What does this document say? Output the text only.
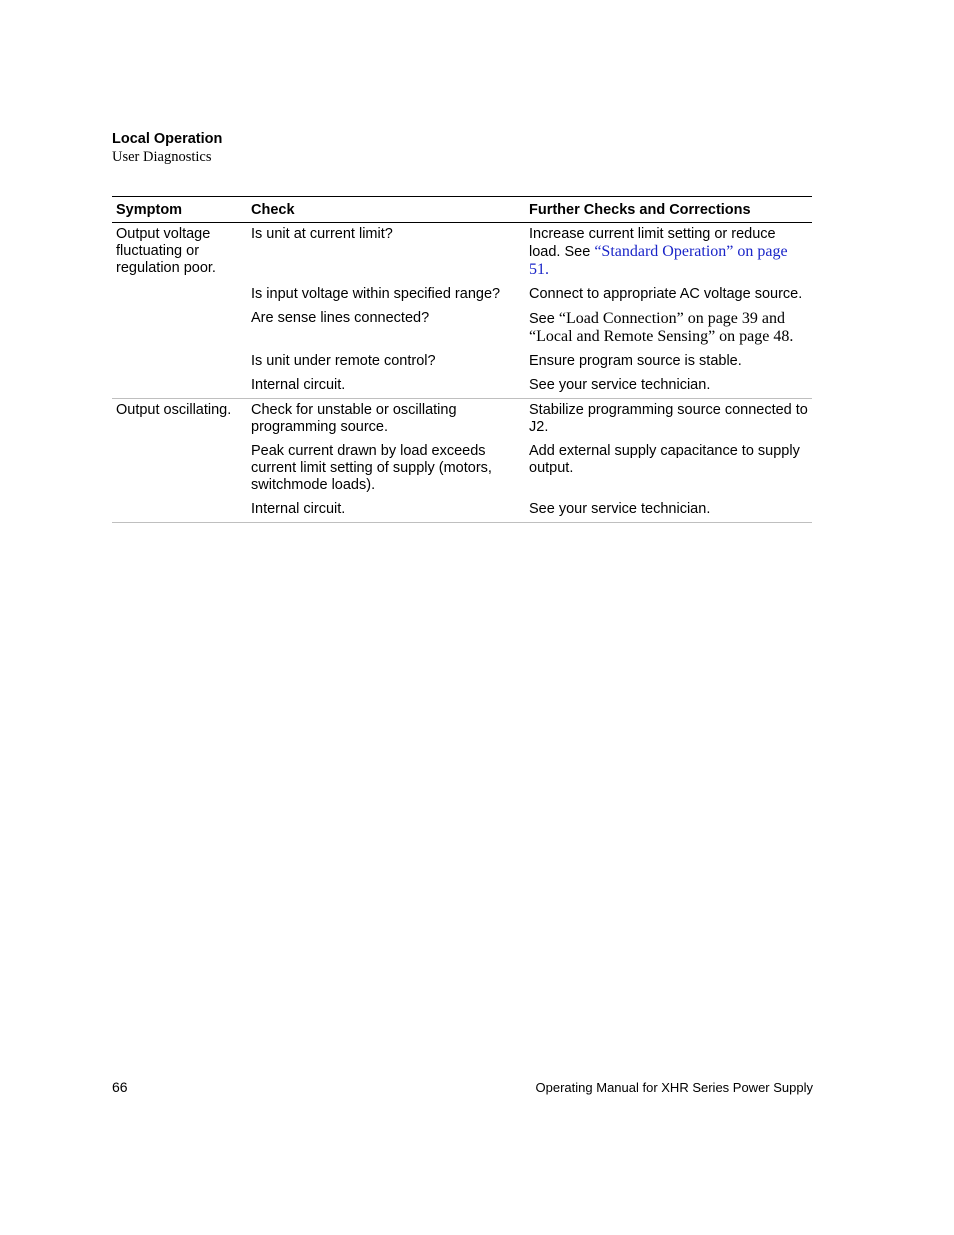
Local Operation
User Diagnostics
Symptom	Check	Further Checks and Corrections
Output voltage fluctuating or regulation poor.	Is unit at current limit?	Increase current limit setting or reduce load. See “Standard Operation” on page 51.
	Is input voltage within specified range?	Connect to appropriate AC voltage source.
	Are sense lines connected?	See “Load Connection” on page 39 and “Local and Remote Sensing” on page 48.
	Is unit under remote control?	Ensure program source is stable.
	Internal circuit.	See your service technician.
Output oscillating.	Check for unstable or oscillating programming source.	Stabilize programming source connected to J2.
	Peak current drawn by load exceeds current limit setting of supply (motors, switchmode loads).	Add external supply capacitance to supply output.
	Internal circuit.	See your service technician.
66	Operating Manual for XHR Series Power Supply
